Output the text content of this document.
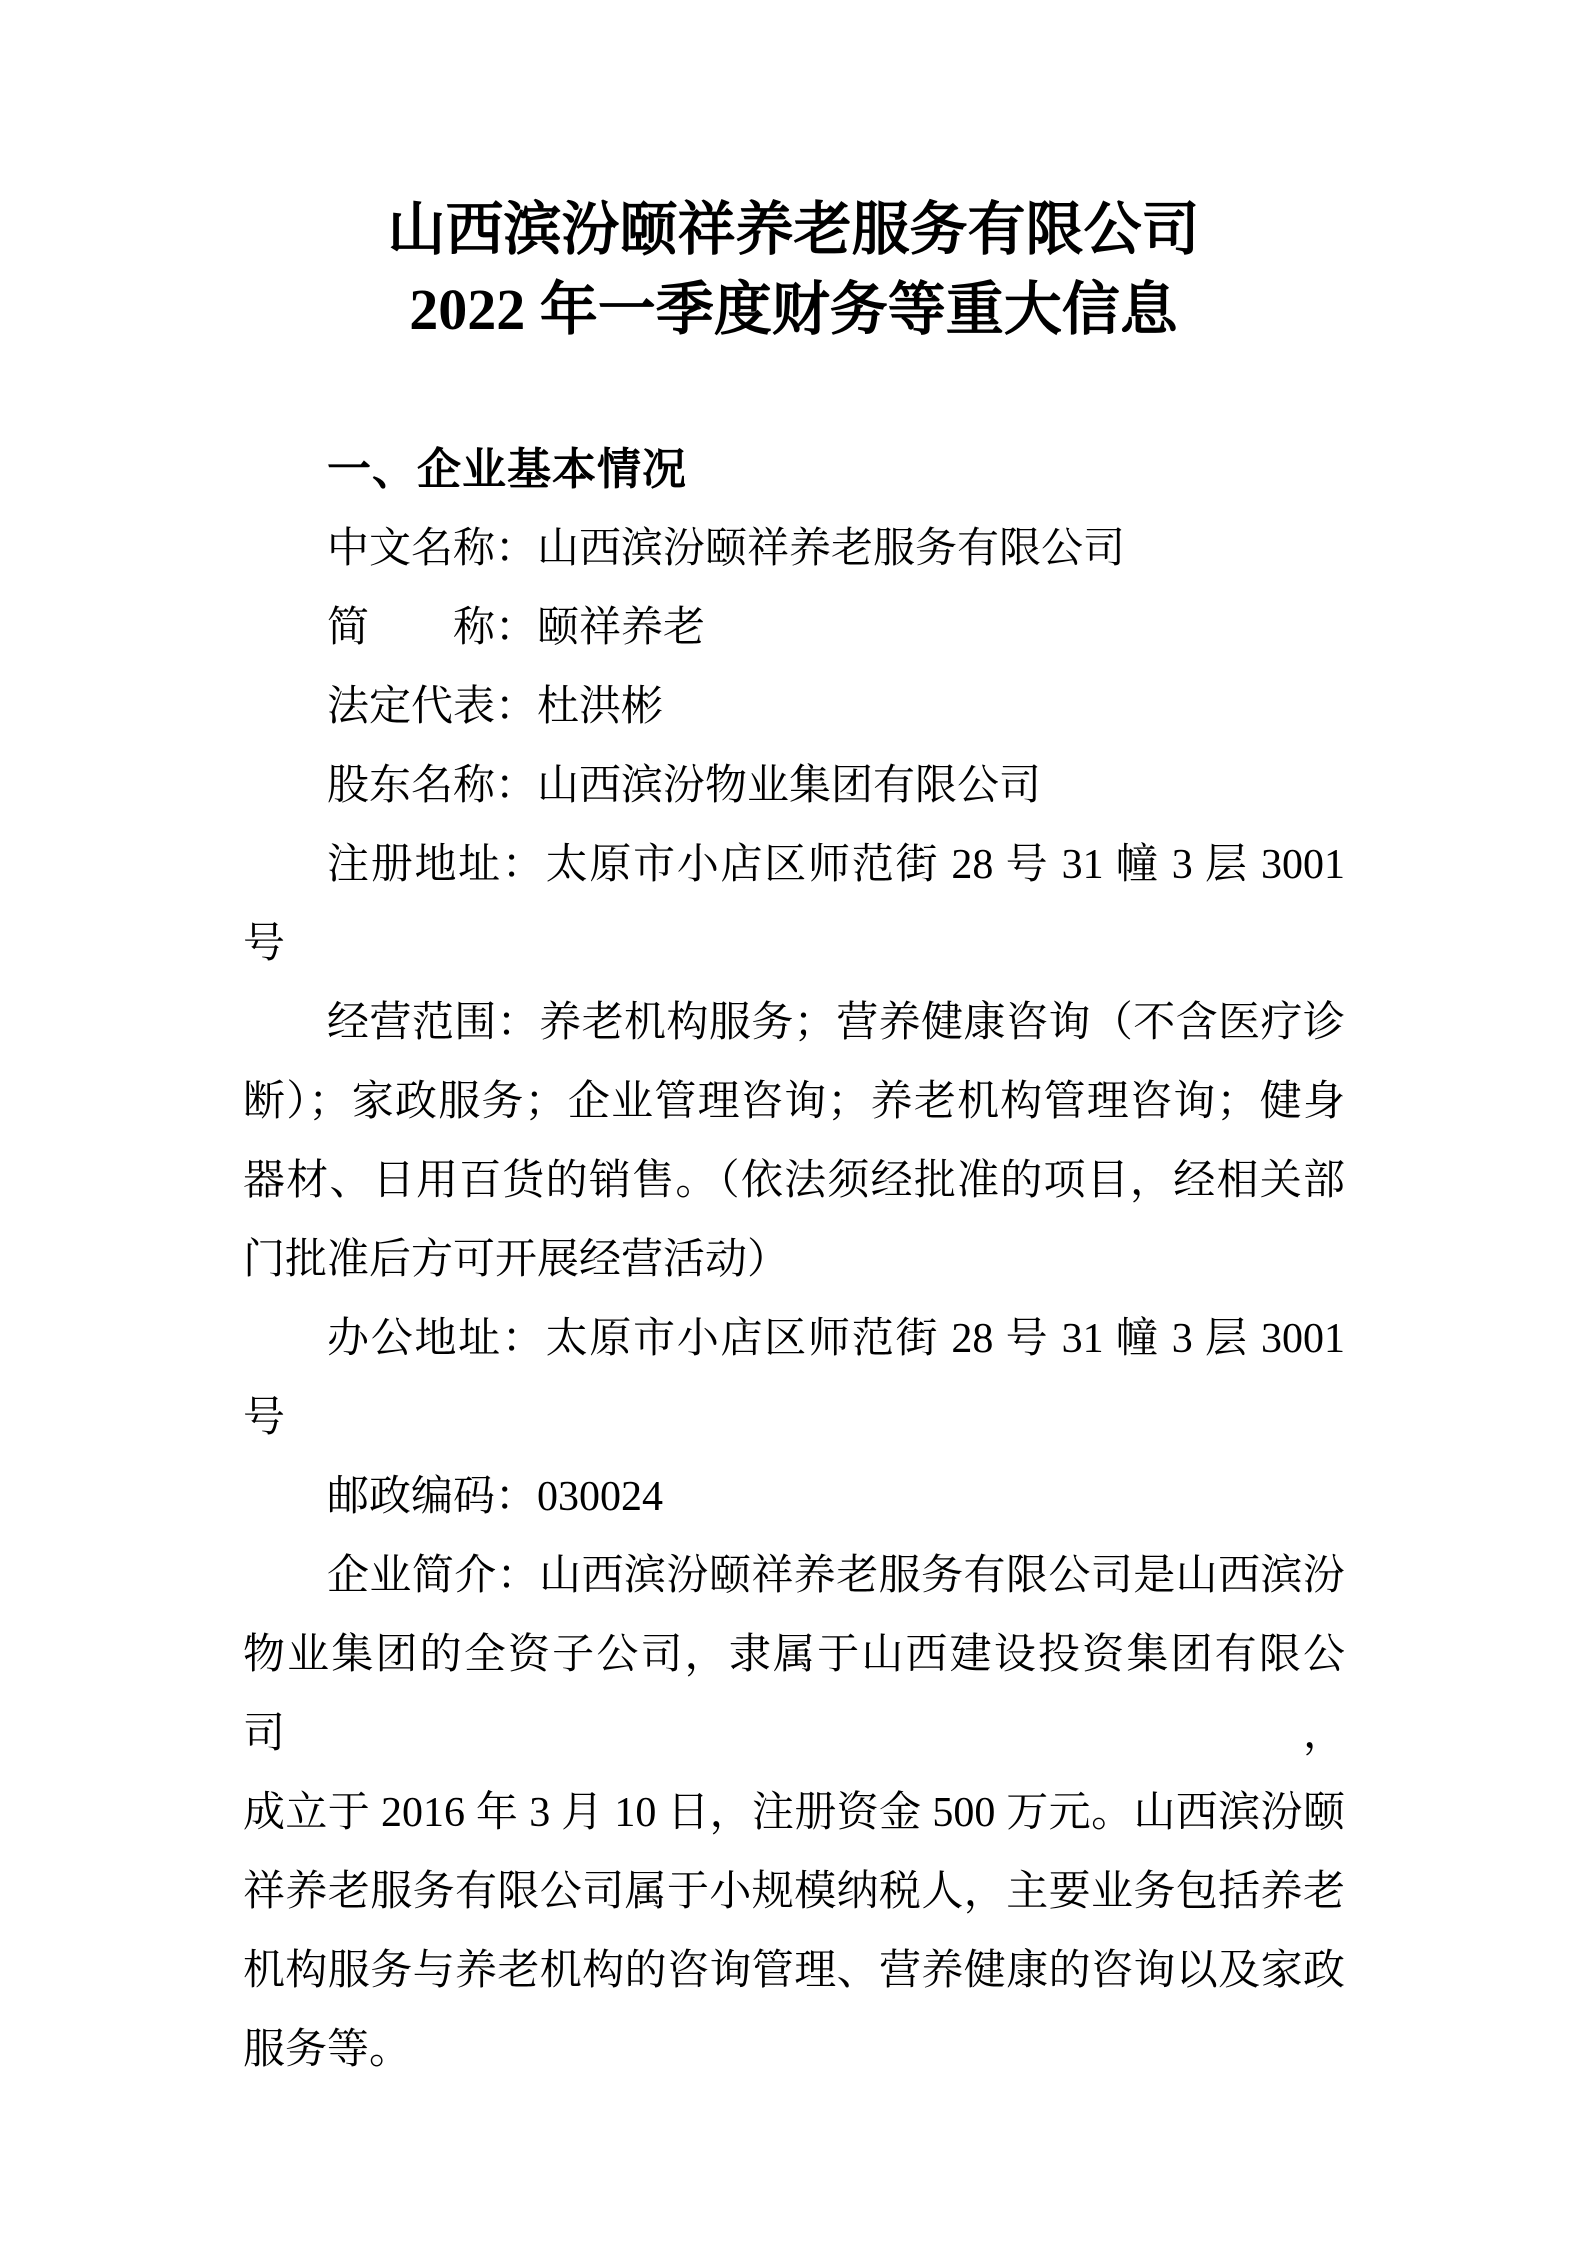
山西滨汾颐祥养老服务有限公司
2022 年一季度财务等重大信息
一、企业基本情况
中文名称：山西滨汾颐祥养老服务有限公司
简　　称：颐祥养老
法定代表：杜洪彬
股东名称：山西滨汾物业集团有限公司
注册地址：太原市小店区师范街 28 号 31 幢 3 层 3001
号
经营范围：养老机构服务；营养健康咨询（不含医疗诊
断）；家政服务；企业管理咨询；养老机构管理咨询；健身
器材、日用百货的销售。（依法须经批准的项目，经相关部
门批准后方可开展经营活动）
办公地址：太原市小店区师范街 28 号 31 幢 3 层 3001
号
邮政编码：030024
企业简介：山西滨汾颐祥养老服务有限公司是山西滨汾
物业集团的全资子公司，隶属于山西建设投资集团有限公司，
成立于 2016 年 3 月 10 日，注册资金 500 万元。山西滨汾颐
祥养老服务有限公司属于小规模纳税人，主要业务包括养老
机构服务与养老机构的咨询管理、营养健康的咨询以及家政
服务等。
